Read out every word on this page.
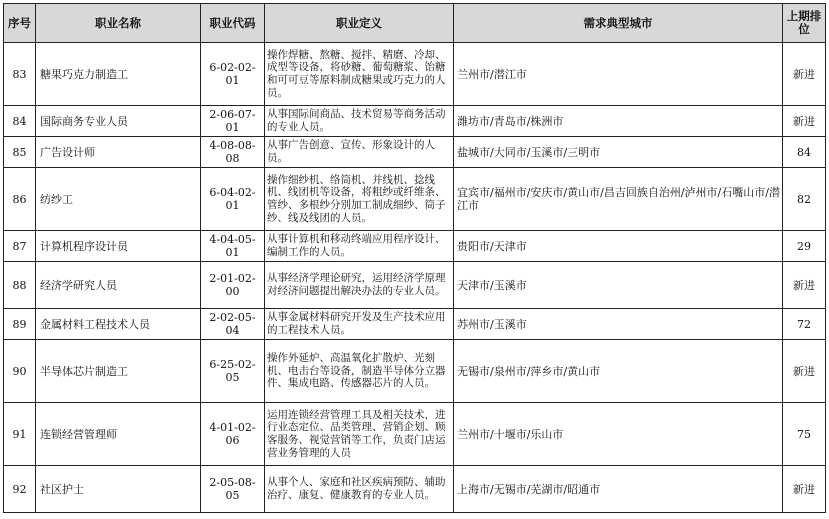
序号	职业名称	职业代码	职业定义	需求典型城市	上期排位
83	糖果巧克力制造工	6-02-02-01	操作焊糖、熬糖、搅拌、精磨、冷却、成型等设备，将砂糖、葡萄糖浆、饴糖和可可豆等原料制成糖果或巧克力的人员。	兰州市/潜江市	新进
84	国际商务专业人员	2-06-07-01	从事国际间商品、技术贸易等商务活动的专业人员。	潍坊市/青岛市/株洲市	新进
85	广告设计师	4-08-08-08	从事广告创意、宣传、形象设计的人员。	盐城市/大同市/玉溪市/三明市	84
86	纺纱工	6-04-02-01	操作细纱机、络筒机、并线机、捻线机、线团机等设备，将粗纱或纤维条、管纱、多根纱分别加工制成细纱、筒子纱、线及线团的人员。	宜宾市/福州市/安庆市/黄山市/昌吉回族自治州/泸州市/石嘴山市/潜江市	82
87	计算机程序设计员	4-04-05-01	从事计算机和移动终端应用程序设计、编制工作的人员。	贵阳市/天津市	29
88	经济学研究人员	2-01-02-00	从事经济学理论研究，运用经济学原理对经济问题提出解决办法的专业人员。	天津市/玉溪市	新进
89	金属材料工程技术人员	2-02-05-04	从事金属材料研究开发及生产技术应用的工程技术人员。	苏州市/玉溪市	72
90	半导体芯片制造工	6-25-02-05	操作外延炉、高温氧化扩散炉、光刻机、电击台等设备，制造半导体分立器件、集成电路、传感器芯片的人员。	无锡市/泉州市/萍乡市/黄山市	新进
91	连锁经营管理师	4-01-02-06	运用连锁经营管理工具及相关技术，进行业态定位、品类管理、营销企划、顾客服务、视觉营销等工作，负责门店运营业务管理的人员	兰州市/十堰市/乐山市	75
92	社区护士	2-05-08-05	从事个人、家庭和社区疾病预防、辅助治疗、康复、健康教育的专业人员。	上海市/无锡市/芜湖市/昭通市	新进
